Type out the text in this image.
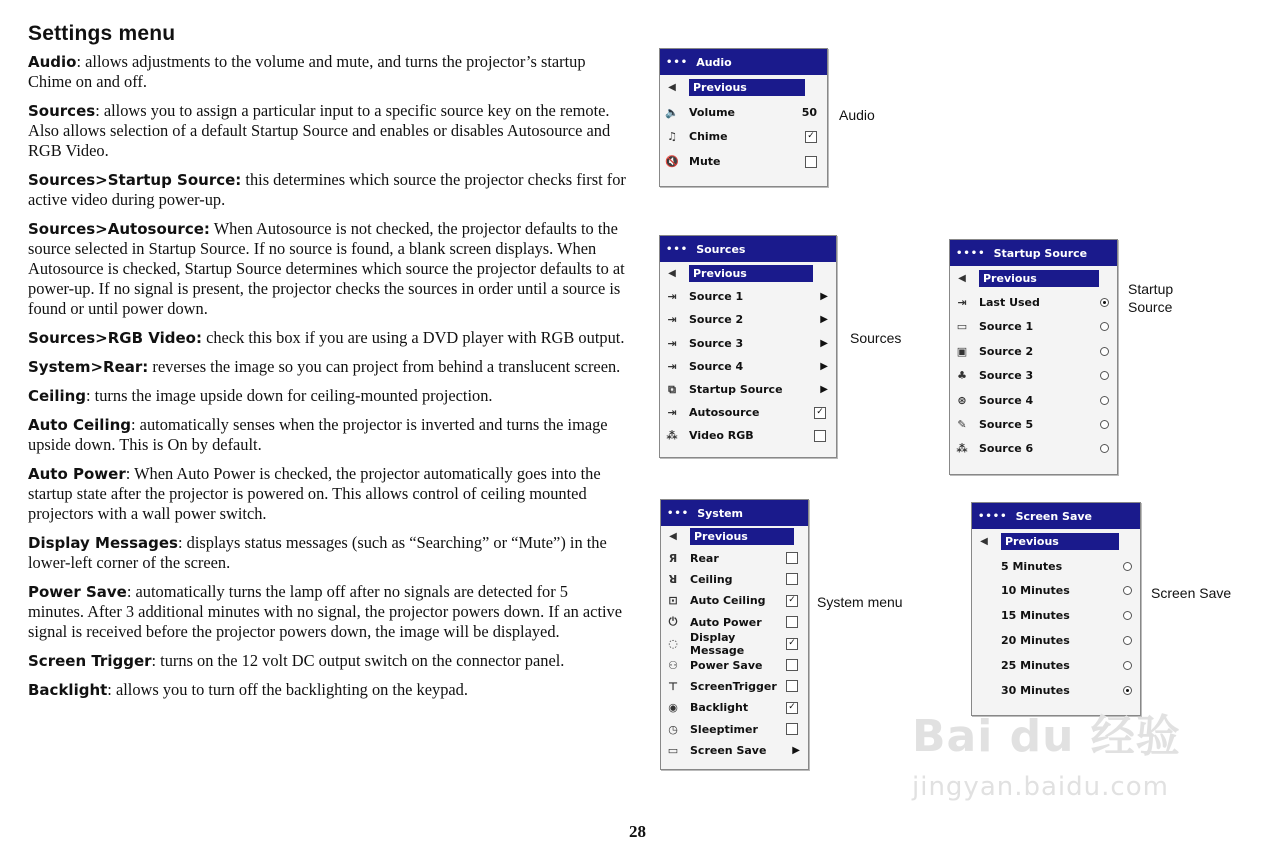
Settings menu

Audio: allows adjustments to the volume and mute, and turns the projector’s startup Chime on and off.

Sources: allows you to assign a particular input to a specific source key on the remote. Also allows selection of a default Startup Source and enables or disables Autosource and RGB Video.

Sources>Startup Source: this determines which source the projector checks first for active video during power-up.

Sources>Autosource: When Autosource is not checked, the projector defaults to the source selected in Startup Source. If no source is found, a blank screen displays. When Autosource is checked, Startup Source determines which source the projector defaults to at power-up. If no signal is present, the projector checks the sources in order until a source is found or until power down.

Sources>RGB Video: check this box if you are using a DVD player with RGB output.

System>Rear: reverses the image so you can project from behind a translucent screen.

Ceiling: turns the image upside down for ceiling-mounted projection.

Auto Ceiling: automatically senses when the projector is inverted and turns the image upside down. This is On by default.

Auto Power: When Auto Power is checked, the projector automatically goes into the startup state after the projector is powered on. This allows control of ceiling mounted projectors with a wall power switch.

Display Messages: displays status messages (such as “Searching” or “Mute”) in the lower-left corner of the screen.

Power Save: automatically turns the lamp off after no signals are detected for 5 minutes. After 3 additional minutes with no signal, the projector powers down. If an active signal is received before the projector powers down, the image will be displayed.

Screen Trigger: turns on the 12 volt DC output switch on the connector panel.

Backlight: allows you to turn off the backlighting on the keypad.

28
••• Audio
◀	Previous
🔈 Volume	50
♫	Chime	✓
🔇 Mute
Audio
••• Sources
◀	Previous
⇥	Source 1	▶
⇥	Source 2	▶
⇥	Source 3	▶
⇥	Source 4	▶
⧉	Startup Source	▶
⇥	Autosource	✓
⁂	Video RGB
Sources
•••• Startup Source
◀	Previous
⇥	Last Used
▭	Source 1
▣	Source 2
♣	Source 3
⊛	Source 4
✎	Source 5
⁂	Source 6
Startup
Source
••• System
◀	Previous
Я	Rear
ꓤ	Ceiling
⊡	Auto Ceiling	✓
⏻	Auto Power
◌	Display Message
✓
⚇	Power Save
⊤	ScreenTrigger
◉	Backlight	✓
◷	Sleeptimer
▭	Screen Save	▶
System menu
•••• Screen Save
◀	Previous
5 Minutes
10 Minutes
15 Minutes
20 Minutes
25 Minutes
30 Minutes
Screen Save
Bai du 经验
jingyan.baidu.com
